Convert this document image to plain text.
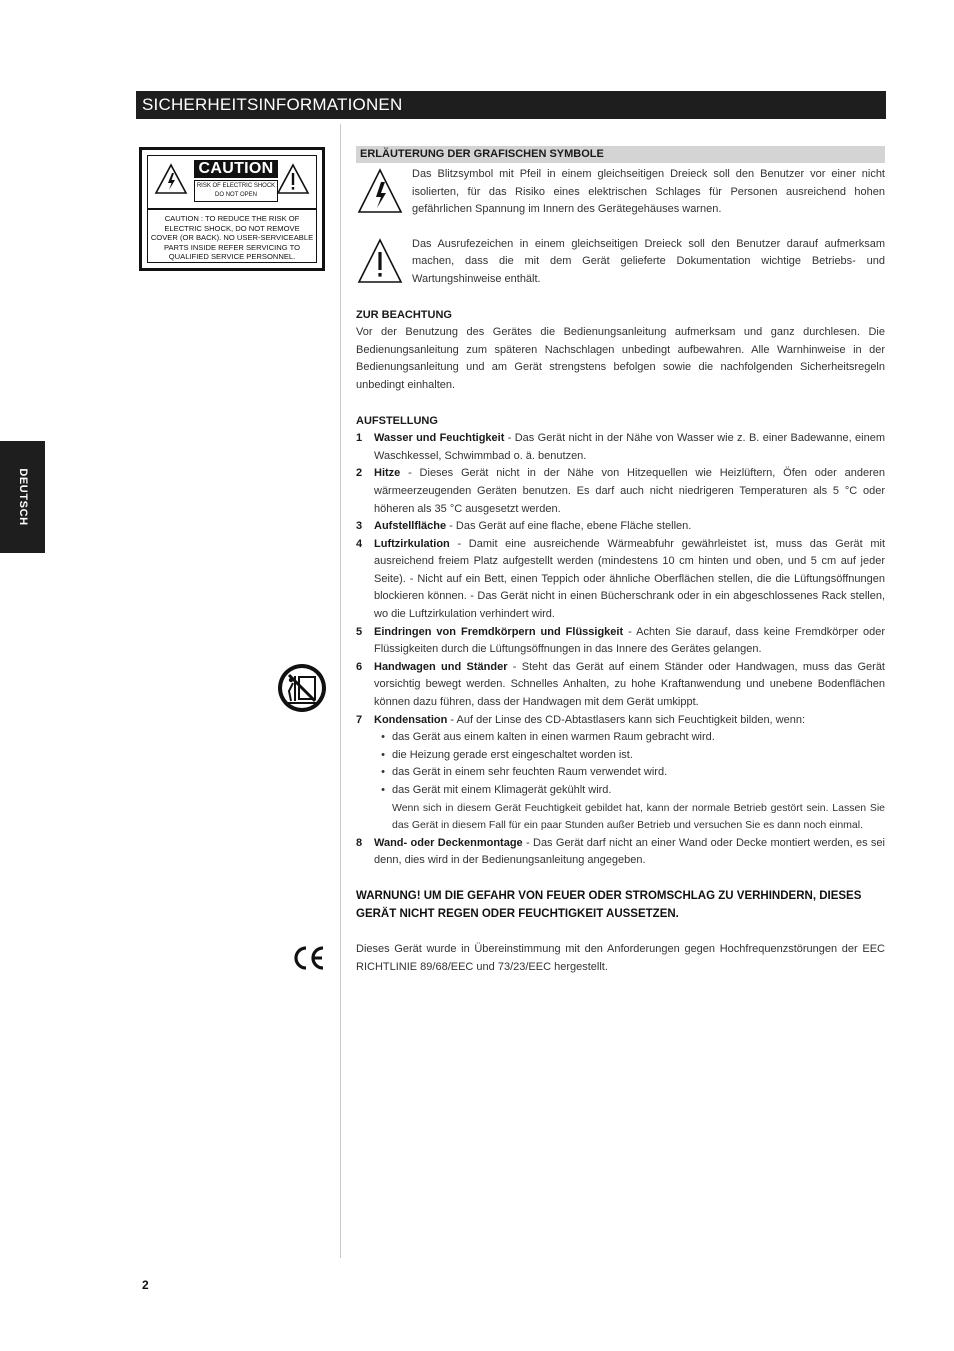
SICHERHEITSINFORMATIONEN
DEUTSCH
CAUTION
RISK OF ELECTRIC SHOCK
DO NOT OPEN
CAUTION : TO REDUCE THE RISK OF
ELECTRIC SHOCK, DO NOT REMOVE
COVER (OR BACK). NO USER-SERVICEABLE
PARTS INSIDE REFER SERVICING TO
QUALIFIED SERVICE PERSONNEL.
ERLÄUTERUNG DER GRAFISCHEN SYMBOLE
Das Blitzsymbol mit Pfeil in einem gleichseitigen Dreieck soll den Benutzer vor einer nicht isolierten, für das Risiko eines elektrischen Schlages für Personen ausreichend hohen gefährlichen Spannung im Innern des Gerätegehäuses warnen.
Das Ausrufezeichen in einem gleichseitigen Dreieck soll den Benutzer darauf aufmerksam machen, dass die mit dem Gerät gelieferte Dokumentation wichtige Betriebs- und Wartungshinweise enthält.
ZUR BEACHTUNG
Vor der Benutzung des Gerätes die Bedienungsanleitung aufmerksam und ganz durchlesen. Die Bedienungsanleitung zum späteren Nachschlagen unbedingt aufbewahren. Alle Warnhinweise in der Bedienungsanleitung und am Gerät strengstens befolgen sowie die nachfolgenden Sicherheitsregeln unbedingt einhalten.
AUFSTELLUNG
1	Wasser und Feuchtigkeit - Das Gerät nicht in der Nähe von Wasser wie z. B. einer Badewanne, einem Waschkessel, Schwimmbad o. ä. benutzen.
2	Hitze - Dieses Gerät nicht in der Nähe von Hitzequellen wie Heizlüftern, Öfen oder anderen wärmeerzeugenden Geräten benutzen. Es darf auch nicht niedrigeren Temperaturen als 5 °C oder höheren als 35 °C ausgesetzt werden.
3	Aufstellfläche - Das Gerät auf eine flache, ebene Fläche stellen.
4	Luftzirkulation - Damit eine ausreichende Wärmeabfuhr gewährleistet ist, muss das Gerät mit ausreichend freiem Platz aufgestellt werden (mindestens 10 cm hinten und oben, und 5 cm auf jeder Seite). - Nicht auf ein Bett, einen Teppich oder ähnliche Oberflächen stellen, die die Lüftungsöffnungen blockieren können. - Das Gerät nicht in einen Bücherschrank oder in ein abgeschlossenes Rack stellen, wo die Luftzirkulation verhindert wird.
5	Eindringen von Fremdkörpern und Flüssigkeit - Achten Sie darauf, dass keine Fremdkörper oder Flüssigkeiten durch die Lüftungsöffnungen in das Innere des Gerätes gelangen.
6	Handwagen und Ständer - Steht das Gerät auf einem Ständer oder Handwagen, muss das Gerät vorsichtig bewegt werden. Schnelles Anhalten, zu hohe Kraftanwendung und unebene Bodenflächen können dazu führen, dass der Handwagen mit dem Gerät umkippt.
7	Kondensation - Auf der Linse des CD-Abtastlasers kann sich Feuchtigkeit bilden, wenn:
• das Gerät aus einem kalten in einen warmen Raum gebracht wird.
• die Heizung gerade erst eingeschaltet worden ist.
• das Gerät in einem sehr feuchten Raum verwendet wird.
• das Gerät mit einem Klimagerät gekühlt wird.
Wenn sich in diesem Gerät Feuchtigkeit gebildet hat, kann der normale Betrieb gestört sein. Lassen Sie das Gerät in diesem Fall für ein paar Stunden außer Betrieb und versuchen Sie es dann noch einmal.
8	Wand- oder Deckenmontage - Das Gerät darf nicht an einer Wand oder Decke montiert werden, es sei denn, dies wird in der Bedienungsanleitung angegeben.
WARNUNG! UM DIE GEFAHR VON FEUER ODER STROMSCHLAG ZU VERHINDERN, DIESES GERÄT NICHT REGEN ODER FEUCHTIGKEIT AUSSETZEN.
Dieses Gerät wurde in Übereinstimmung mit den Anforderungen gegen Hochfrequenzstörungen der EEC RICHTLINIE 89/68/EEC und 73/23/EEC hergestellt.
2
